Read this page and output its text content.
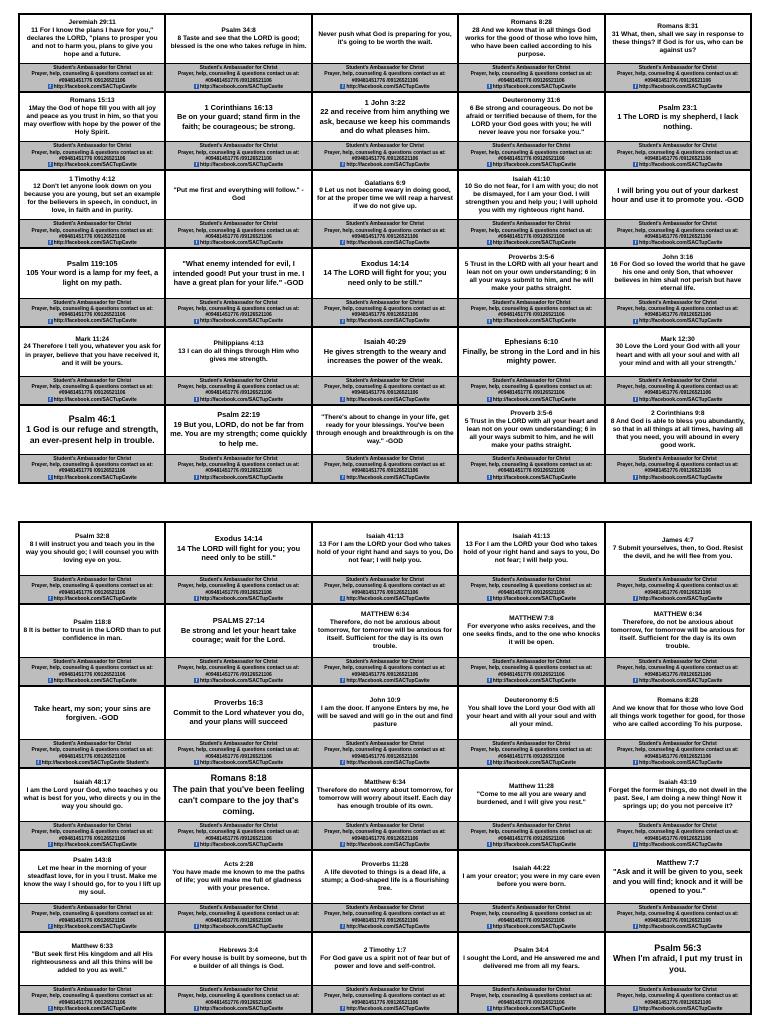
Jeremiah 29:11
11 For I know the plans I have for you," declares the LORD, "plans to prosper you and not to harm you, plans to give you hope and a future.
Student's Ambassador for Christ
Prayer, help, counseling & questions contact us at:
#09481451776 /09126521106
f http://facebook.com/SACTupCavite
Psalm 34:8
8 Taste and see that the LORD is good; blessed is the one who takes refuge in him.
Student's Ambassador for Christ
Prayer, help, counseling & questions contact us at:
#09481451776 /09126521106
f http://facebook.com/SACTupCavite
Never push what God is preparing for you, it's going to be worth the wait.
Student's Ambassador for Christ
Prayer, help, counseling & questions contact us at:
#09481451776 /09126521106
f http://facebook.com/SACTupCavite
Romans 8:28
28 And we know that in all things God works for the good of those who love him, who have been called according to his purpose.
Student's Ambassador for Christ
Prayer, help, counseling & questions contact us at:
#09481451776 /09126521106
f http://facebook.com/SACTupCavite
Romans 8:31
31 What, then, shall we say in response to these things? If God is for us, who can be against us?
Student's Ambassador for Christ
Prayer, help, counseling & questions contact us at:
#09481451776 /09126521106
f http://facebook.com/SACTupCavite
Romans 15:13
1May the God of hope fill you with all joy and peace as you trust in him, so that you may overflow with hope by the power of the Holy Spirit.
Student's Ambassador for Christ
Prayer, help, counseling & questions contact us at:
#09481451776 /09126521106
f http://facebook.com/SACTupCavite
1 Corinthians 16:13
Be on your guard; stand firm in the faith; be courageous; be strong.
Student's Ambassador for Christ
Prayer, help, counseling & questions contact us at:
#09481451776 /09126521106
f http://facebook.com/SACTupCavite
1 John 3:22
22 and receive from him anything we ask, because we keep his commands and do what pleases him.
Student's Ambassador for Christ
Prayer, help, counseling & questions contact us at:
#09481451776 /09126521106
f http://facebook.com/SACTupCavite
Deuteronomy 31:6
6 Be strong and courageous. Do not be afraid or terrified because of them, for the LORD your God goes with you; he will never leave you nor forsake you."
Student's Ambassador for Christ
Prayer, help, counseling & questions contact us at:
#09481451776 /09126521106
f http://facebook.com/SACTupCavite
Psalm 23:1
1 The LORD is my shepherd, I lack nothing.
Student's Ambassador for Christ
Prayer, help, counseling & questions contact us at:
#09481451776 /09126521106
f http://facebook.com/SACTupCavite
1 Timothy 4:12
12 Don't let anyone look down on you because you are young, but set an example for the believers in speech, in conduct, in love, in faith and in purity.
Student's Ambassador for Christ
Prayer, help, counseling & questions contact us at:
#09481451776 /09126521106
f http://facebook.com/SACTupCavite
"Put me first and everything will follow." -God
Student's Ambassador for Christ
Prayer, help, counseling & questions contact us at:
#09481451776 /09126521106
f http://facebook.com/SACTupCavite
Galatians 6:9
9 Let us not become weary in doing good, for at the proper time we will reap a harvest if we do not give up.
Student's Ambassador for Christ
Prayer, help, counseling & questions contact us at:
#09481451776 /09126521106
f http://facebook.com/SACTupCavite
Isaiah 41:10
10 So do not fear, for I am with you; do not be dismayed, for I am your God. I will strengthen you and help you; I will uphold you with my righteous right hand.
Student's Ambassador for Christ
Prayer, help, counseling & questions contact us at:
#09481451776 /09126521106
f http://facebook.com/SACTupCavite
I will bring you out of your darkest hour and use it to promote you. -GOD
Student's Ambassador for Christ
Prayer, help, counseling & questions contact us at:
#09481451776 /09126521106
f http://facebook.com/SACTupCavite
Psalm 119:105
105 Your word is a lamp for my feet, a light on my path.
Student's Ambassador for Christ
Prayer, help, counseling & questions contact us at:
#09481451776 /09126521106
f http://facebook.com/SACTupCavite
"What enemy intended for evil, I intended good! Put your trust in me. I have a great plan for your life." -GOD
Student's Ambassador for Christ
Prayer, help, counseling & questions contact us at:
#09481451776 /09126521106
f http://facebook.com/SACTupCavite
Exodus 14:14
14 The LORD will fight for you; you need only to be still."
Student's Ambassador for Christ
Prayer, help, counseling & questions contact us at:
#09481451776 /09126521106
f http://facebook.com/SACTupCavite
Proverbs 3:5-6
5 Trust in the LORD with all your heart and lean not on your own understanding; 6 in all your ways submit to him, and he will make your paths straight.
Student's Ambassador for Christ
Prayer, help, counseling & questions contact us at:
#09481451776 /09126521106
f http://facebook.com/SACTupCavite
John 3:16
16 For God so loved the world that he gave his one and only Son, that whoever believes in him shall not perish but have eternal life.
Student's Ambassador for Christ
Prayer, help, counseling & questions contact us at:
#09481451776 /09126521106
f http://facebook.com/SACTupCavite
Mark 11:24
24 Therefore I tell you, whatever you ask for in prayer, believe that you have received it, and it will be yours.
Student's Ambassador for Christ
Prayer, help, counseling & questions contact us at:
#09481451776 /09126521106
f http://facebook.com/SACTupCavite
Philippians 4:13
13 I can do all things through Him who gives me strength.
Student's Ambassador for Christ
Prayer, help, counseling & questions contact us at:
#09481451776 /09126521106
f http://facebook.com/SACTupCavite
Isaiah 40:29
He gives strength to the weary and increases the power of the weak.
Student's Ambassador for Christ
Prayer, help, counseling & questions contact us at:
#09481451776 /09126521106
f http://facebook.com/SACTupCavite
Ephesians 6:10
Finally, be strong in the Lord and in his mighty power.
Student's Ambassador for Christ
Prayer, help, counseling & questions contact us at:
#09481451776 /09126521106
f http://facebook.com/SACTupCavite
Mark 12:30
30 Love the Lord your God with all your heart and with all your soul and with all your mind and with all your strength.'
Student's Ambassador for Christ
Prayer, help, counseling & questions contact us at:
#09481451776 /09126521106
f http://facebook.com/SACTupCavite
Psalm 46:1
1 God is our refuge and strength, an ever-present help in trouble.
Student's Ambassador for Christ
Prayer, help, counseling & questions contact us at:
#09481451776 /09126521106
f http://facebook.com/SACTupCavite
Psalm 22:19
19 But you, LORD, do not be far from me. You are my strength; come quickly to help me.
Student's Ambassador for Christ
Prayer, help, counseling & questions contact us at:
#09481451776 /09126521106
f http://facebook.com/SACTupCavite
"There's about to change in your life, get ready for your blessings. You've been through enough and breakthrough is on the way." -GOD
Student's Ambassador for Christ
Prayer, help, counseling & questions contact us at:
#09481451776 /09126521106
f http://facebook.com/SACTupCavite
Proverb 3:5-6
5 Trust in the LORD with all your heart and lean not on your own understanding; 6 in all your ways submit to him, and he will make your paths straight.
Student's Ambassador for Christ
Prayer, help, counseling & questions contact us at:
#09481451776 /09126521106
f http://facebook.com/SACTupCavite
2 Corinthians 9:8
8 And God is able to bless you abundantly, so that in all things at all times, having all that you need, you will abound in every good work.
Student's Ambassador for Christ
Prayer, help, counseling & questions contact us at:
#09481451776 /09126521106
f http://facebook.com/SACTupCavite
Psalm 32:8
8 I will instruct you and teach you in the way you should go; I will counsel you with loving eye on you.
Student's Ambassador for Christ
Prayer, help, counseling & questions contact us at:
#09481451776 /09126521106
f http://facebook.com/SACTupCavite
Exodus 14:14
14 The LORD will fight for you; you need only to be still."
Student's Ambassador for Christ
Prayer, help, counseling & questions contact us at:
#09481451776 /09126521106
f http://facebook.com/SACTupCavite
Isaiah 41:13
13 For I am the LORD your God who takes hold of your right hand and says to you, Do not fear; I will help you.
Student's Ambassador for Christ
Prayer, help, counseling & questions contact us at:
#09481451776 /09126521106
f http://facebook.com/SACTupCavite
Isaiah 41:13
13 For I am the LORD your God who takes hold of your right hand and says to you, Do not fear; I will help you.
Student's Ambassador for Christ
Prayer, help, counseling & questions contact us at:
#09481451776 /09126521106
f http://facebook.com/SACTupCavite
James 4:7
7 Submit yourselves, then, to God. Resist the devil, and he will flee from you.
Student's Ambassador for Christ
Prayer, help, counseling & questions contact us at:
#09481451776 /09126521106
f http://facebook.com/SACTupCavite
Psalm 118:8
8 It is better to trust in the LORD than to put confidence in man.
Student's Ambassador for Christ
Prayer, help, counseling & questions contact us at:
#09481451776 /09126521106
f http://facebook.com/SACTupCavite
PSALMS 27:14
Be strong and let your heart take courage; wait for the Lord.
Student's Ambassador for Christ
Prayer, help, counseling & questions contact us at:
#09481451776 /09126521106
f http://facebook.com/SACTupCavite
MATTHEW 6:34
Therefore, do not be anxious about tomorrow, for tomorrow will be anxious for itself. Sufficient for the day is its own trouble.
Student's Ambassador for Christ
Prayer, help, counseling & questions contact us at:
#09481451776 /09126521106
f http://facebook.com/SACTupCavite
MATTHEW 7:8
For everyone who asks receives, and the one seeks finds, and to the one who knocks it will be open.
Student's Ambassador for Christ
Prayer, help, counseling & questions contact us at:
#09481451776 /09126521106
f http://facebook.com/SACTupCavite
MATTHEW 6:34
Therefore, do not be anxious about tomorrow, for tomorrow will be anxious for itself. Sufficient for the day is its own trouble.
Student's Ambassador for Christ
Prayer, help, counseling & questions contact us at:
#09481451776 /09126521106
f http://facebook.com/SACTupCavite
Take heart, my son; your sins are forgiven. -GOD
Student's Ambassador for Christ
Prayer, help, counseling & questions contact us at:
#09481451776 /09126521106
f http://facebook.com/SACTupCavite Student's
Proverbs 16:3
Commit to the Lord whatever you do, and your plans will succeed
Student's Ambassador for Christ
Prayer, help, counseling & questions contact us at:
#09481451776 /09126521106
f http://facebook.com/SACTupCavite
John 10:9
I am the door. If anyone Enters by me, he will be saved and will go in the out and find pasture
Student's Ambassador for Christ
Prayer, help, counseling & questions contact us at:
#09481451776 /09126521106
f http://facebook.com/SACTupCavite
Deuteronomy 6:5
You shall love the Lord your God with all your heart and with all your soul and with all your mind.
Student's Ambassador for Christ
Prayer, help, counseling & questions contact us at:
#09481451776 /09126521106
f http://facebook.com/SACTupCavite
Romans 8:28
And we know that for those who love God all things work together for good, for those who are called according To his purpose.
Student's Ambassador for Christ
Prayer, help, counseling & questions contact us at:
#09481451776 /09126521106
f http://facebook.com/SACTupCavite
Isaiah 48:17
I am the Lord your God, who teaches y ou what is best for you, who directs y ou in the way you should go.
Student's Ambassador for Christ
Prayer, help, counseling & questions contact us at:
#09481451776 /09126521106
f http://facebook.com/SACTupCavite
Romans 8:18
The pain that you've been feeling can't compare to the joy that's coming.
Student's Ambassador for Christ
Prayer, help, counseling & questions contact us at:
#09481451776 /09126521106
f http://facebook.com/SACTupCavite
Matthew 6:34
Therefore do not worry about tomorrow, for tomorrow will worry about itself. Each day has enough trouble of its own.
Student's Ambassador for Christ
Prayer, help, counseling & questions contact us at:
#09481451776 /09126521106
f http://facebook.com/SACTupCavite
Matthew 11:28
"Come to me all you are weary and burdened, and I will give you rest."
Student's Ambassador for Christ
Prayer, help, counseling & questions contact us at:
#09481451776 /09126521106
f http://facebook.com/SACTupCavite
Isaiah 43:19
Forget the former things, do not dwell in the past. See, I am doing a new thing! Now it springs up; do you not perceive it?
Student's Ambassador for Christ
Prayer, help, counseling & questions contact us at:
#09481451776 /09126521106
f http://facebook.com/SACTupCavite
Psalm 143:8
Let me hear in the morning of your steadfast love, for in you I trust. Make me know the way I should go, for to you I lift up my soul.
Student's Ambassador for Christ
Prayer, help, counseling & questions contact us at:
#09481451776 /09126521106
f http://facebook.com/SACTupCavite
Acts 2:28
You have made me known to me the paths of life; you will make me full of gladness with your presence.
Student's Ambassador for Christ
Prayer, help, counseling & questions contact us at:
#09481451776 /09126521106
f http://facebook.com/SACTupCavite
Proverbs 11:28
A life devoted to things is a dead life, a stump; a God-shaped life is a flourishing tree.
Student's Ambassador for Christ
Prayer, help, counseling & questions contact us at:
#09481451776 /09126521106
f http://facebook.com/SACTupCavite
Isaiah 44:22
I am your creator; you were in my care even before you were born.
Student's Ambassador for Christ
Prayer, help, counseling & questions contact us at:
#09481451776 /09126521106
f http://facebook.com/SACTupCavite
Matthew 7:7
"Ask and it will be given to you, seek and you will find; knock and it will be opened to you."
Student's Ambassador for Christ
Prayer, help, counseling & questions contact us at:
#09481451776 /09126521106
f http://facebook.com/SACTupCavite
Matthew 6:33
"But seek first His kingdom and all His righteousness and all this thins will be added to you as well."
Student's Ambassador for Christ
Prayer, help, counseling & questions contact us at:
#09481451776 /09126521106
f http://facebook.com/SACTupCavite
Hebrews 3:4
For every house is built by someone, but th e builder of all things is God.
Student's Ambassador for Christ
Prayer, help, counseling & questions contact us at:
#09481451776 /09126521106
f http://facebook.com/SACTupCavite
2 Timothy 1:7
For God gave us a spirit not of fear but of power and love and self-control.
Student's Ambassador for Christ
Prayer, help, counseling & questions contact us at:
#09481451776 /09126521106
f http://facebook.com/SACTupCavite
Psalm 34:4
I sought the Lord, and He answered me and delivered me from all my fears.
Student's Ambassador for Christ
Prayer, help, counseling & questions contact us at:
#09481451776 /09126521106
f http://facebook.com/SACTupCavite
Psalm 56:3
When I'm afraid, I put my trust in you.
Student's Ambassador for Christ
Prayer, help, counseling & questions contact us at:
#09481451776 /09126521106
f http://facebook.com/SACTupCavite
